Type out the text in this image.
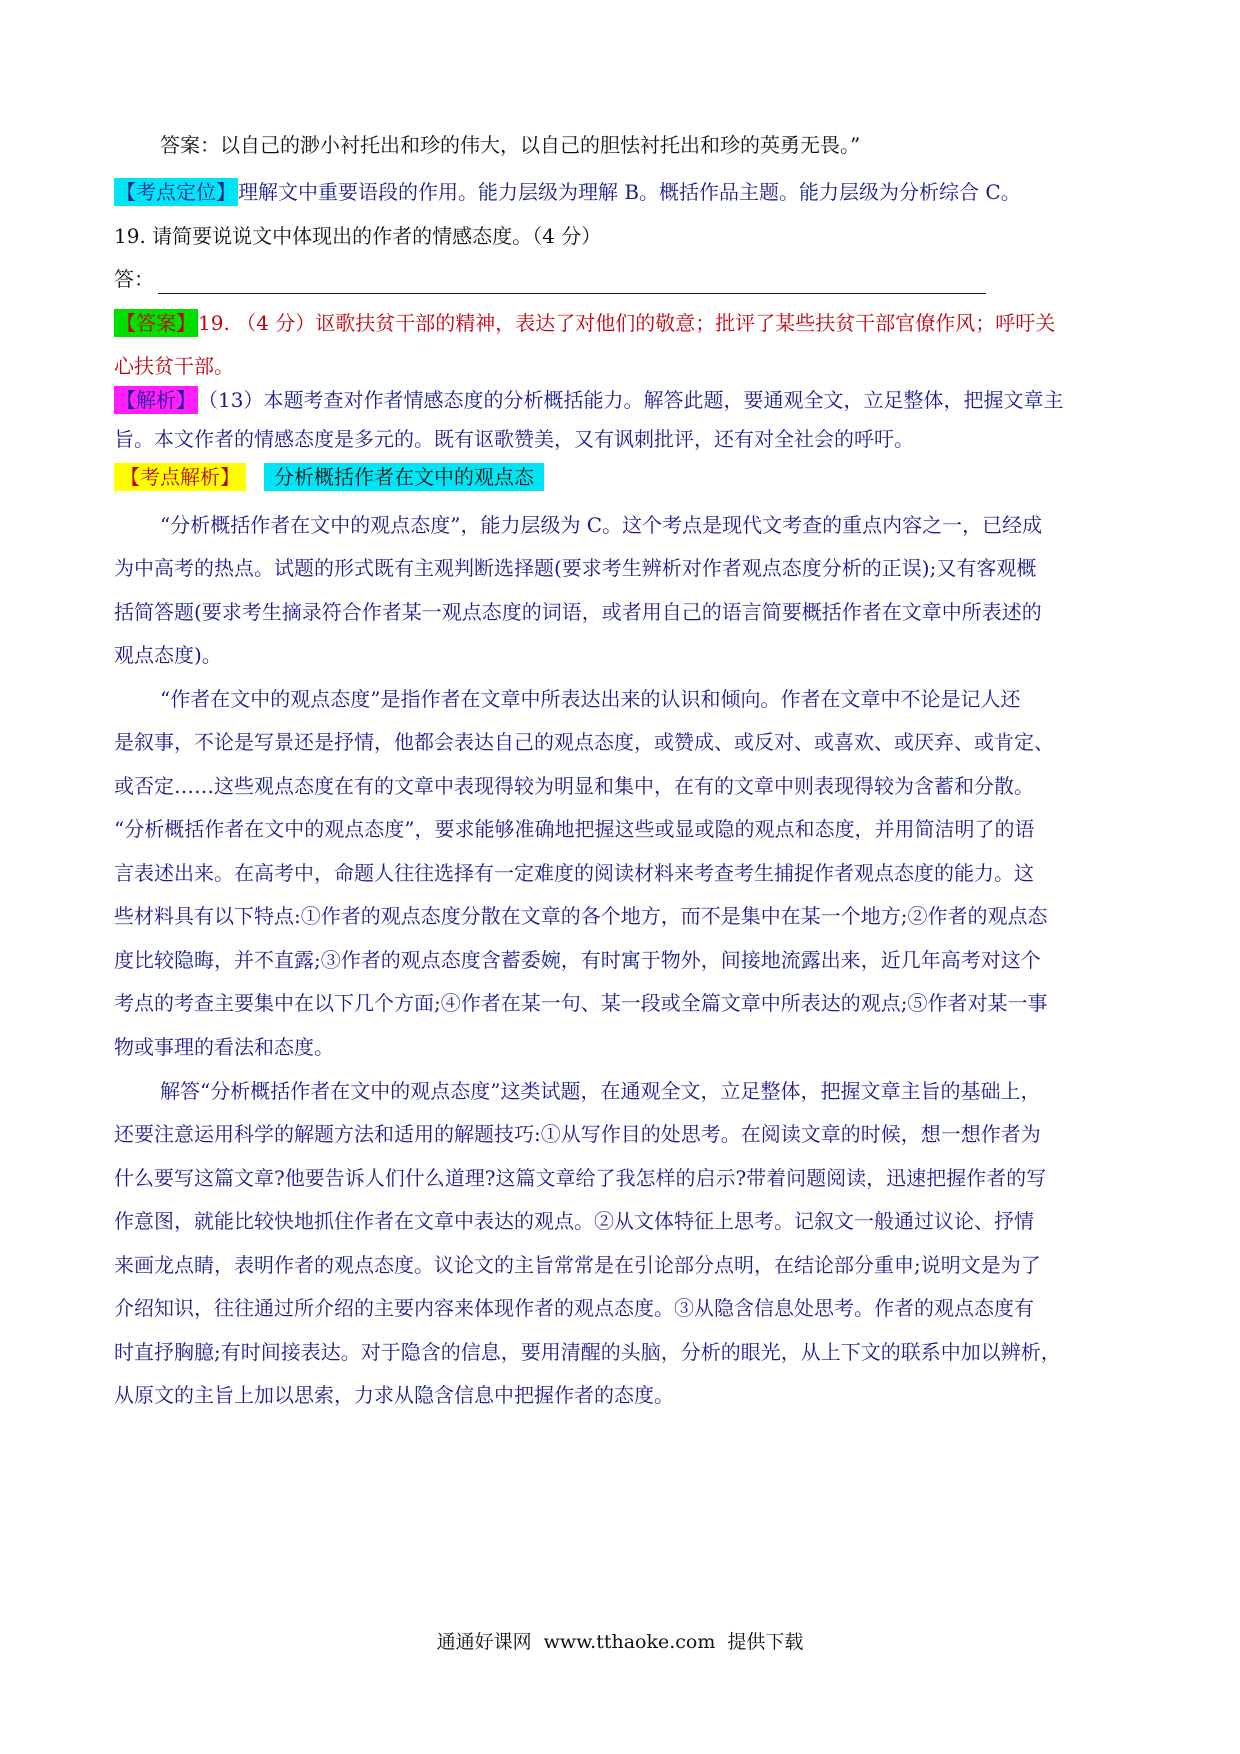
答案：以自己的渺小衬托出和珍的伟大，以自己的胆怯衬托出和珍的英勇无畏。”
【考点定位】 理解文中重要语段的作用。能力层级为理解 B。概括作品主题。能力层级为分析综合 C。
19. 请简要说说文中体现出的作者的情感态度。（4 分）
答：
【答案】 19. （4 分）讴歌扶贫干部的精神，表达了对他们的敬意；批评了某些扶贫干部官僚作风；呼吁关
心扶贫干部。
【解析】 （13）本题考查对作者情感态度的分析概括能力。解答此题，要通观全文，立足整体，把握文章主
旨。本文作者的情感态度是多元的。既有讴歌赞美，又有讽刺批评，还有对全社会的呼吁。
【考点解析】 分析概括作者在文中的观点态
“分析概括作者在文中的观点态度”，能力层级为 C。这个考点是现代文考查的重点内容之一，已经成
为中高考的热点。试题的形式既有主观判断选择题(要求考生辨析对作者观点态度分析的正误);又有客观概
括简答题(要求考生摘录符合作者某一观点态度的词语，或者用自己的语言简要概括作者在文章中所表述的
观点态度)。
“作者在文中的观点态度”是指作者在文章中所表达出来的认识和倾向。作者在文章中不论是记人还
是叙事，不论是写景还是抒情，他都会表达自己的观点态度，或赞成、或反对、或喜欢、或厌弃、或肯定、
或否定……这些观点态度在有的文章中表现得较为明显和集中，在有的文章中则表现得较为含蓄和分散。
“分析概括作者在文中的观点态度”，要求能够准确地把握这些或显或隐的观点和态度，并用简洁明了的语
言表述出来。在高考中，命题人往往选择有一定难度的阅读材料来考查考生捕捉作者观点态度的能力。这
些材料具有以下特点:①作者的观点态度分散在文章的各个地方，而不是集中在某一个地方;②作者的观点态
度比较隐晦，并不直露;③作者的观点态度含蓄委婉，有时寓于物外，间接地流露出来，近几年高考对这个
考点的考查主要集中在以下几个方面;④作者在某一句、某一段或全篇文章中所表达的观点;⑤作者对某一事
物或事理的看法和态度。
解答“分析概括作者在文中的观点态度”这类试题，在通观全文，立足整体，把握文章主旨的基础上，
还要注意运用科学的解题方法和适用的解题技巧:①从写作目的处思考。在阅读文章的时候，想一想作者为
什么要写这篇文章?他要告诉人们什么道理?这篇文章给了我怎样的启示?带着问题阅读，迅速把握作者的写
作意图，就能比较快地抓住作者在文章中表达的观点。②从文体特征上思考。记叙文一般通过议论、抒情
来画龙点睛，表明作者的观点态度。议论文的主旨常常是在引论部分点明，在结论部分重申;说明文是为了
介绍知识，往往通过所介绍的主要内容来体现作者的观点态度。③从隐含信息处思考。作者的观点态度有
时直抒胸臆;有时间接表达。对于隐含的信息，要用清醒的头脑，分析的眼光，从上下文的联系中加以辨析，
从原文的主旨上加以思索，力求从隐含信息中把握作者的态度。
通通好课网 www.tthaoke.com 提供下载
